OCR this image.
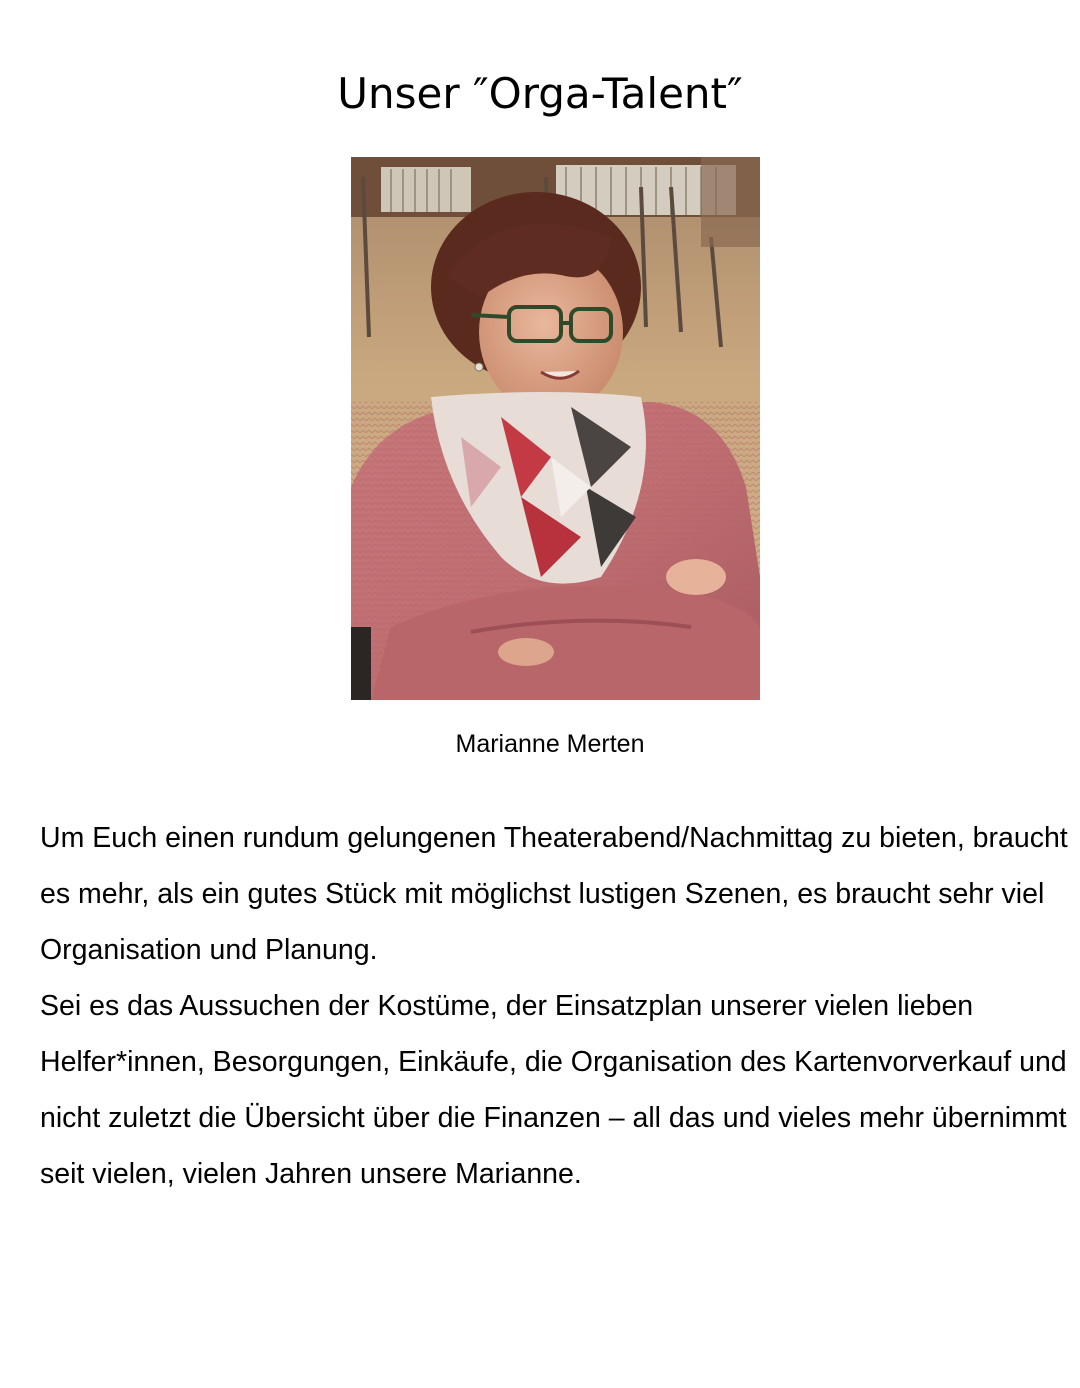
Unser ″Orga-Talent″
Marianne Merten

Um Euch einen rundum gelungenen Theaterabend/Nachmittag zu bieten, braucht es mehr, als ein gutes Stück mit möglichst lustigen Szenen, es braucht sehr viel Organisation und Planung.

Sei es das Aussuchen der Kostüme, der Einsatzplan unserer vielen lieben Helfer*innen, Besorgungen, Einkäufe, die Organisation des Kartenvorverkauf und nicht zuletzt die Übersicht über die Finanzen – all das und vieles mehr übernimmt seit vielen, vielen Jahren unsere Marianne.
